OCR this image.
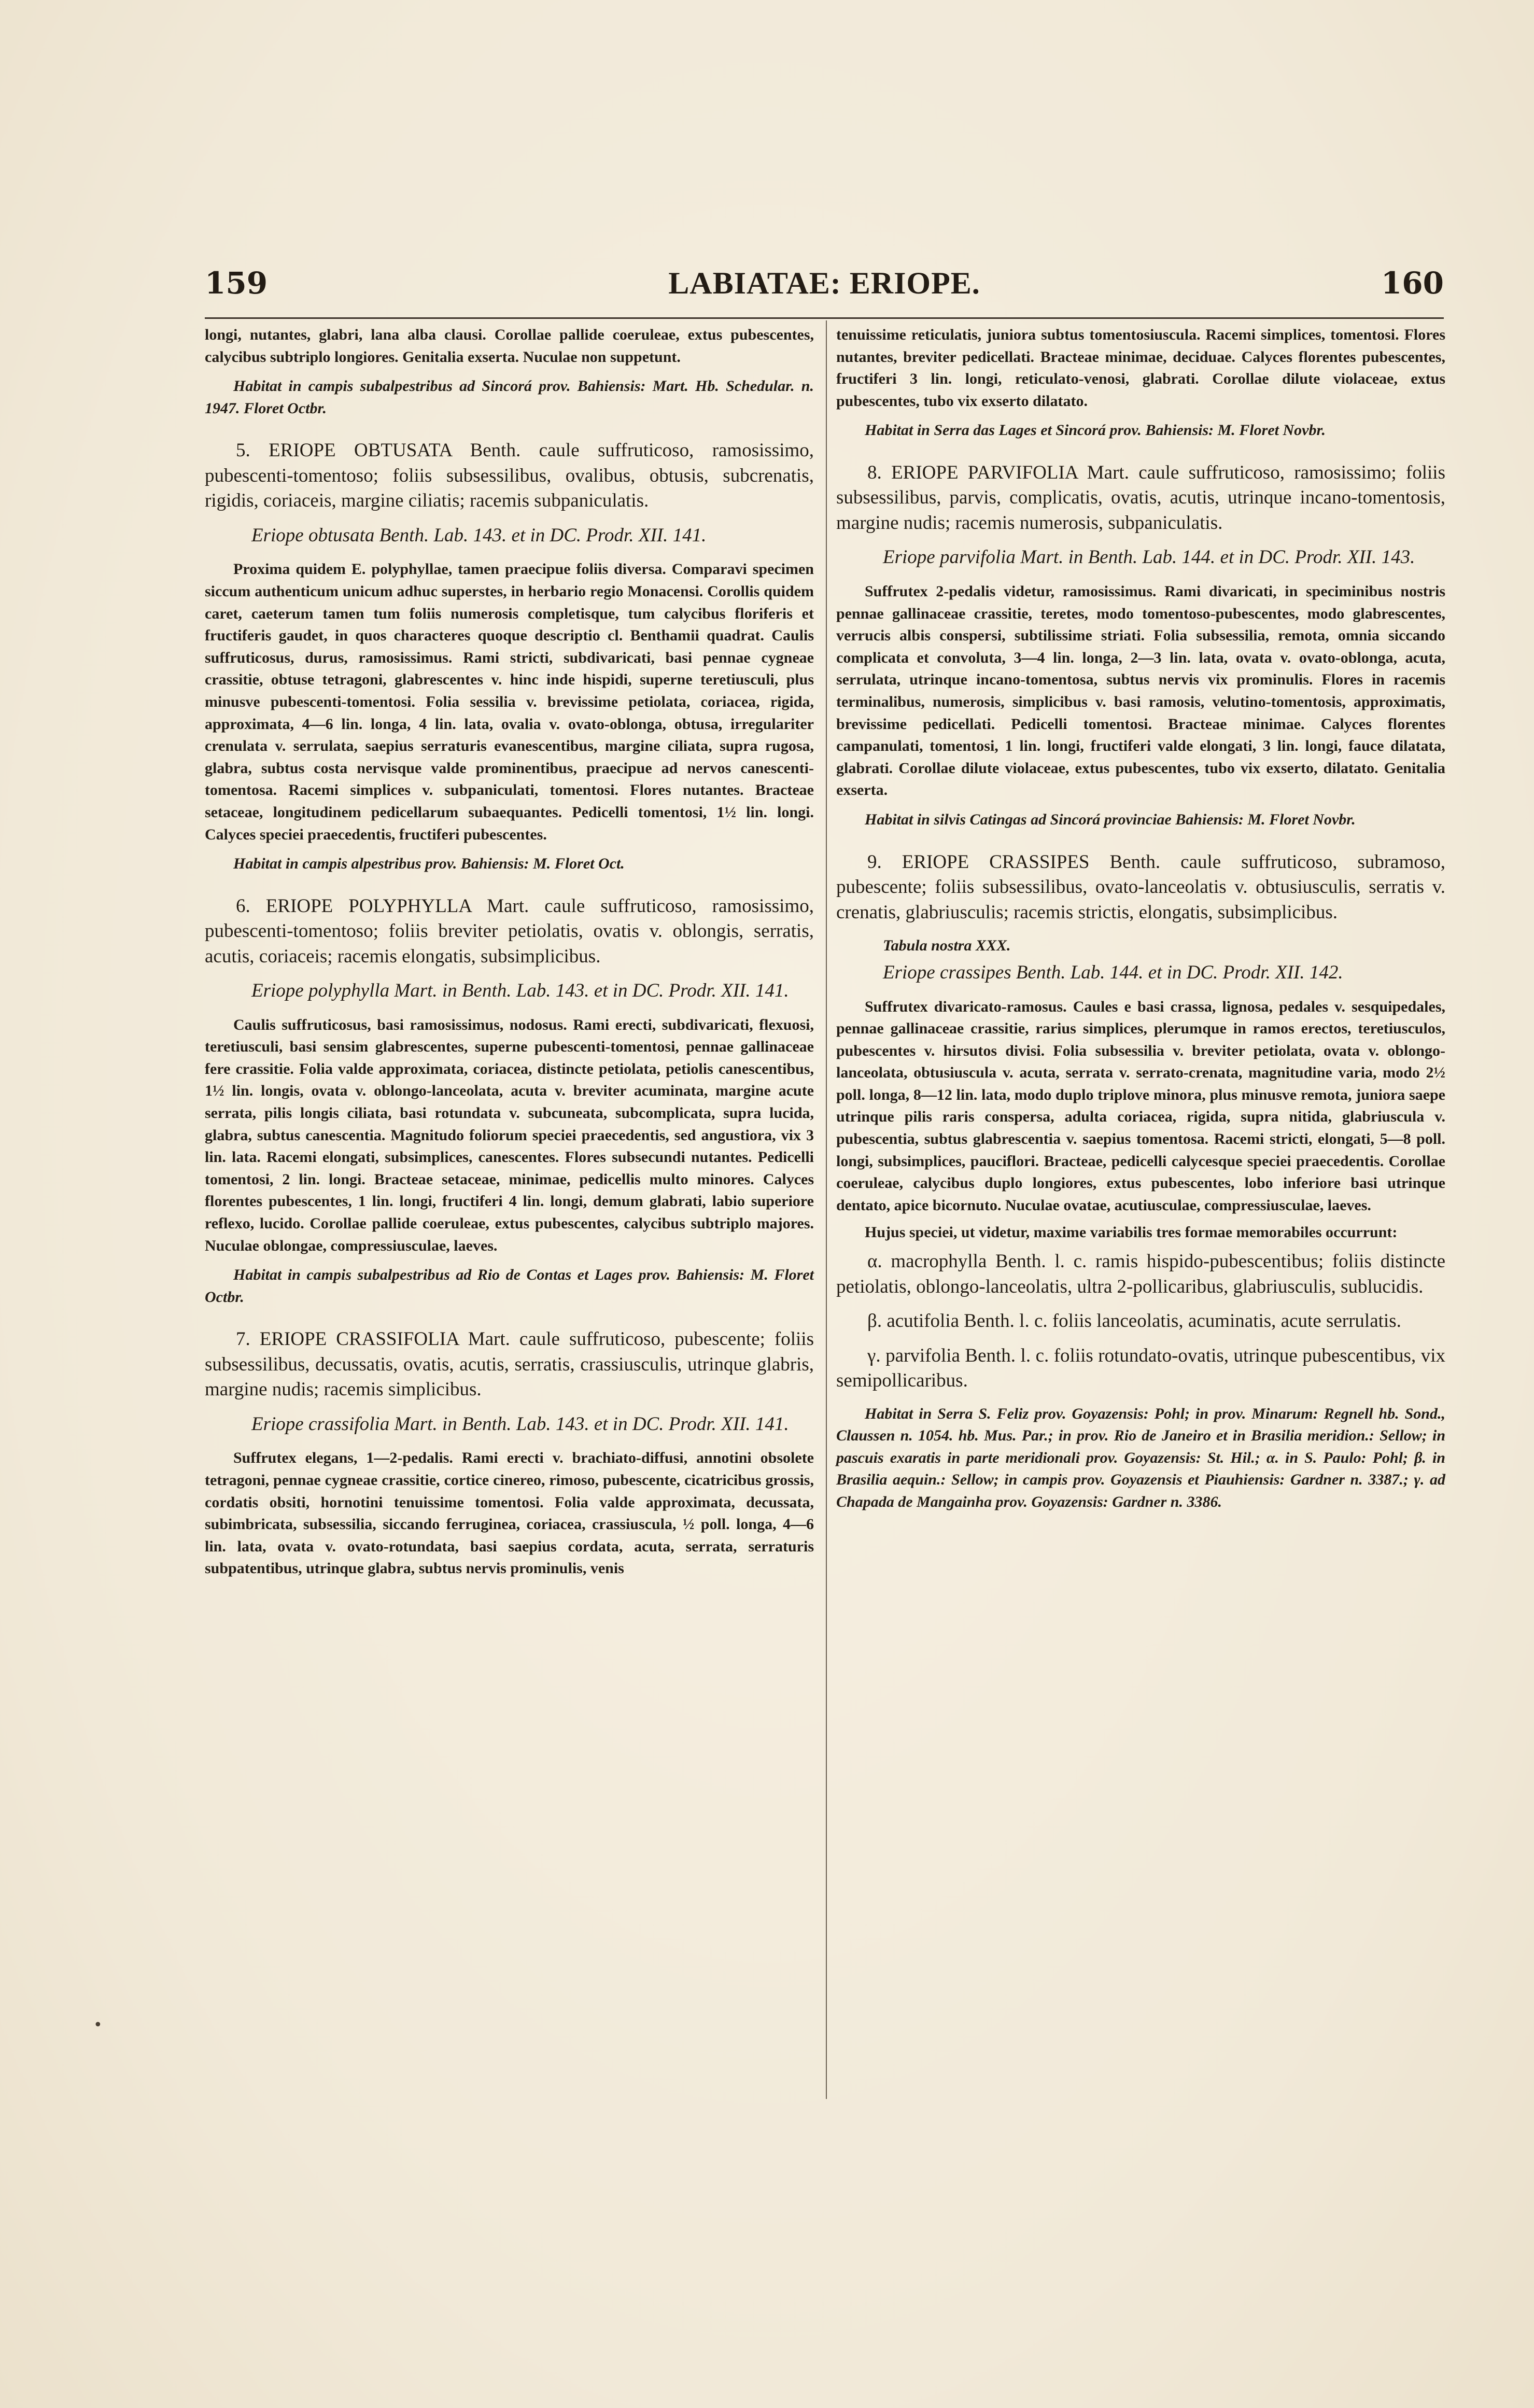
159	LABIATAE: ERIOPE.	160

longi, nutantes, glabri, lana alba clausi. Corollae pallide coeruleae, extus pubescentes, calycibus subtriplo longiores. Genitalia exserta. Nuculae non suppetunt.

Habitat in campis subalpestribus ad Sincorá prov. Bahiensis: Mart. Hb. Schedular. n. 1947. Floret Octbr.

5. ERIOPE OBTUSATA Benth. caule suffruticoso, ramosissimo, pubescenti-tomentoso; foliis subsessilibus, ovalibus, obtusis, subcrenatis, rigidis, coriaceis, margine ciliatis; racemis subpaniculatis.

Eriope obtusata Benth. Lab. 143. et in DC. Prodr. XII. 141.

Proxima quidem E. polyphyllae, tamen praecipue foliis diversa. Comparavi specimen siccum authenticum unicum adhuc superstes, in herbario regio Monacensi. Corollis quidem caret, caeterum tamen tum foliis numerosis completisque, tum calycibus floriferis et fructiferis gaudet, in quos characteres quoque descriptio cl. Benthamii quadrat. Caulis suffruticosus, durus, ramosissimus. Rami stricti, subdivaricati, basi pennae cygneae crassitie, obtuse tetragoni, glabrescentes v. hinc inde hispidi, superne teretiusculi, plus minusve pubescenti-tomentosi. Folia sessilia v. brevissime petiolata, coriacea, rigida, approximata, 4—6 lin. longa, 4 lin. lata, ovalia v. ovato-oblonga, obtusa, irregulariter crenulata v. serrulata, saepius serraturis evanescentibus, margine ciliata, supra rugosa, glabra, subtus costa nervisque valde prominentibus, praecipue ad nervos canescenti-tomentosa. Racemi simplices v. subpaniculati, tomentosi. Flores nutantes. Bracteae setaceae, longitudinem pedicellarum subaequantes. Pedicelli tomentosi, 1½ lin. longi. Calyces speciei praecedentis, fructiferi pubescentes.

Habitat in campis alpestribus prov. Bahiensis: M. Floret Oct.

6. ERIOPE POLYPHYLLA Mart. caule suffruticoso, ramosissimo, pubescenti-tomentoso; foliis breviter petiolatis, ovatis v. oblongis, serratis, acutis, coriaceis; racemis elongatis, subsimplicibus.

Eriope polyphylla Mart. in Benth. Lab. 143. et in DC. Prodr. XII. 141.

Caulis suffruticosus, basi ramosissimus, nodosus. Rami erecti, subdivaricati, flexuosi, teretiusculi, basi sensim glabrescentes, superne pubescenti-tomentosi, pennae gallinaceae fere crassitie. Folia valde approximata, coriacea, distincte petiolata, petiolis canescentibus, 1½ lin. longis, ovata v. oblongo-lanceolata, acuta v. breviter acuminata, margine acute serrata, pilis longis ciliata, basi rotundata v. subcuneata, subcomplicata, supra lucida, glabra, subtus canescentia. Magnitudo foliorum speciei praecedentis, sed angustiora, vix 3 lin. lata. Racemi elongati, subsimplices, canescentes. Flores subsecundi nutantes. Pedicelli tomentosi, 2 lin. longi. Bracteae setaceae, minimae, pedicellis multo minores. Calyces florentes pubescentes, 1 lin. longi, fructiferi 4 lin. longi, demum glabrati, labio superiore reflexo, lucido. Corollae pallide coeruleae, extus pubescentes, calycibus subtriplo majores. Nuculae oblongae, compressiusculae, laeves.

Habitat in campis subalpestribus ad Rio de Contas et Lages prov. Bahiensis: M. Floret Octbr.

7. ERIOPE CRASSIFOLIA Mart. caule suffruticoso, pubescente; foliis subsessilibus, decussatis, ovatis, acutis, serratis, crassiusculis, utrinque glabris, margine nudis; racemis simplicibus.

Eriope crassifolia Mart. in Benth. Lab. 143. et in DC. Prodr. XII. 141.

Suffrutex elegans, 1—2-pedalis. Rami erecti v. brachiato-diffusi, annotini obsolete tetragoni, pennae cygneae crassitie, cortice cinereo, rimoso, pubescente, cicatricibus grossis, cordatis obsiti, hornotini tenuissime tomentosi. Folia valde approximata, decussata, subimbricata, subsessilia, siccando ferruginea, coriacea, crassiuscula, ½ poll. longa, 4—6 lin. lata, ovata v. ovato-rotundata, basi saepius cordata, acuta, serrata, serraturis subpatentibus, utrinque glabra, subtus nervis prominulis, venis

tenuissime reticulatis, juniora subtus tomentosiuscula. Racemi simplices, tomentosi. Flores nutantes, breviter pedicellati. Bracteae minimae, deciduae. Calyces florentes pubescentes, fructiferi 3 lin. longi, reticulato-venosi, glabrati. Corollae dilute violaceae, extus pubescentes, tubo vix exserto dilatato.

Habitat in Serra das Lages et Sincorá prov. Bahiensis: M. Floret Novbr.

8. ERIOPE PARVIFOLIA Mart. caule suffruticoso, ramosissimo; foliis subsessilibus, parvis, complicatis, ovatis, acutis, utrinque incano-tomentosis, margine nudis; racemis numerosis, subpaniculatis.

Eriope parvifolia Mart. in Benth. Lab. 144. et in DC. Prodr. XII. 143.

Suffrutex 2-pedalis videtur, ramosissimus. Rami divaricati, in speciminibus nostris pennae gallinaceae crassitie, teretes, modo tomentoso-pubescentes, modo glabrescentes, verrucis albis conspersi, subtilissime striati. Folia subsessilia, remota, omnia siccando complicata et convoluta, 3—4 lin. longa, 2—3 lin. lata, ovata v. ovato-oblonga, acuta, serrulata, utrinque incano-tomentosa, subtus nervis vix prominulis. Flores in racemis terminalibus, numerosis, simplicibus v. basi ramosis, velutino-tomentosis, approximatis, brevissime pedicellati. Pedicelli tomentosi. Bracteae minimae. Calyces florentes campanulati, tomentosi, 1 lin. longi, fructiferi valde elongati, 3 lin. longi, fauce dilatata, glabrati. Corollae dilute violaceae, extus pubescentes, tubo vix exserto, dilatato. Genitalia exserta.

Habitat in silvis Catingas ad Sincorá provinciae Bahiensis: M. Floret Novbr.

9. ERIOPE CRASSIPES Benth. caule suffruticoso, subramoso, pubescente; foliis subsessilibus, ovato-lanceolatis v. obtusiusculis, serratis v. crenatis, glabriusculis; racemis strictis, elongatis, subsimplicibus.

Tabula nostra XXX.

Eriope crassipes Benth. Lab. 144. et in DC. Prodr. XII. 142.

Suffrutex divaricato-ramosus. Caules e basi crassa, lignosa, pedales v. sesquipedales, pennae gallinaceae crassitie, rarius simplices, plerumque in ramos erectos, teretiusculos, pubescentes v. hirsutos divisi. Folia subsessilia v. breviter petiolata, ovata v. oblongo-lanceolata, obtusiuscula v. acuta, serrata v. serrato-crenata, magnitudine varia, modo 2½ poll. longa, 8—12 lin. lata, modo duplo triplove minora, plus minusve remota, juniora saepe utrinque pilis raris conspersa, adulta coriacea, rigida, supra nitida, glabriuscula v. pubescentia, subtus glabrescentia v. saepius tomentosa. Racemi stricti, elongati, 5—8 poll. longi, subsimplices, pauciflori. Bracteae, pedicelli calycesque speciei praecedentis. Corollae coeruleae, calycibus duplo longiores, extus pubescentes, lobo inferiore basi utrinque dentato, apice bicornuto. Nuculae ovatae, acutiusculae, compressiusculae, laeves.

Hujus speciei, ut videtur, maxime variabilis tres formae memorabiles occurrunt:

α. macrophylla Benth. l. c. ramis hispido-pubescentibus; foliis distincte petiolatis, oblongo-lanceolatis, ultra 2-pollicaribus, glabriusculis, sublucidis.

β. acutifolia Benth. l. c. foliis lanceolatis, acuminatis, acute serrulatis.

γ. parvifolia Benth. l. c. foliis rotundato-ovatis, utrinque pubescentibus, vix semipollicaribus.

Habitat in Serra S. Feliz prov. Goyazensis: Pohl; in prov. Minarum: Regnell hb. Sond., Claussen n. 1054. hb. Mus. Par.; in prov. Rio de Janeiro et in Brasilia meridion.: Sellow; in pascuis exaratis in parte meridionali prov. Goyazensis: St. Hil.; α. in S. Paulo: Pohl; β. in Brasilia aequin.: Sellow; in campis prov. Goyazensis et Piauhiensis: Gardner n. 3387.; γ. ad Chapada de Mangainha prov. Goyazensis: Gardner n. 3386.

•
